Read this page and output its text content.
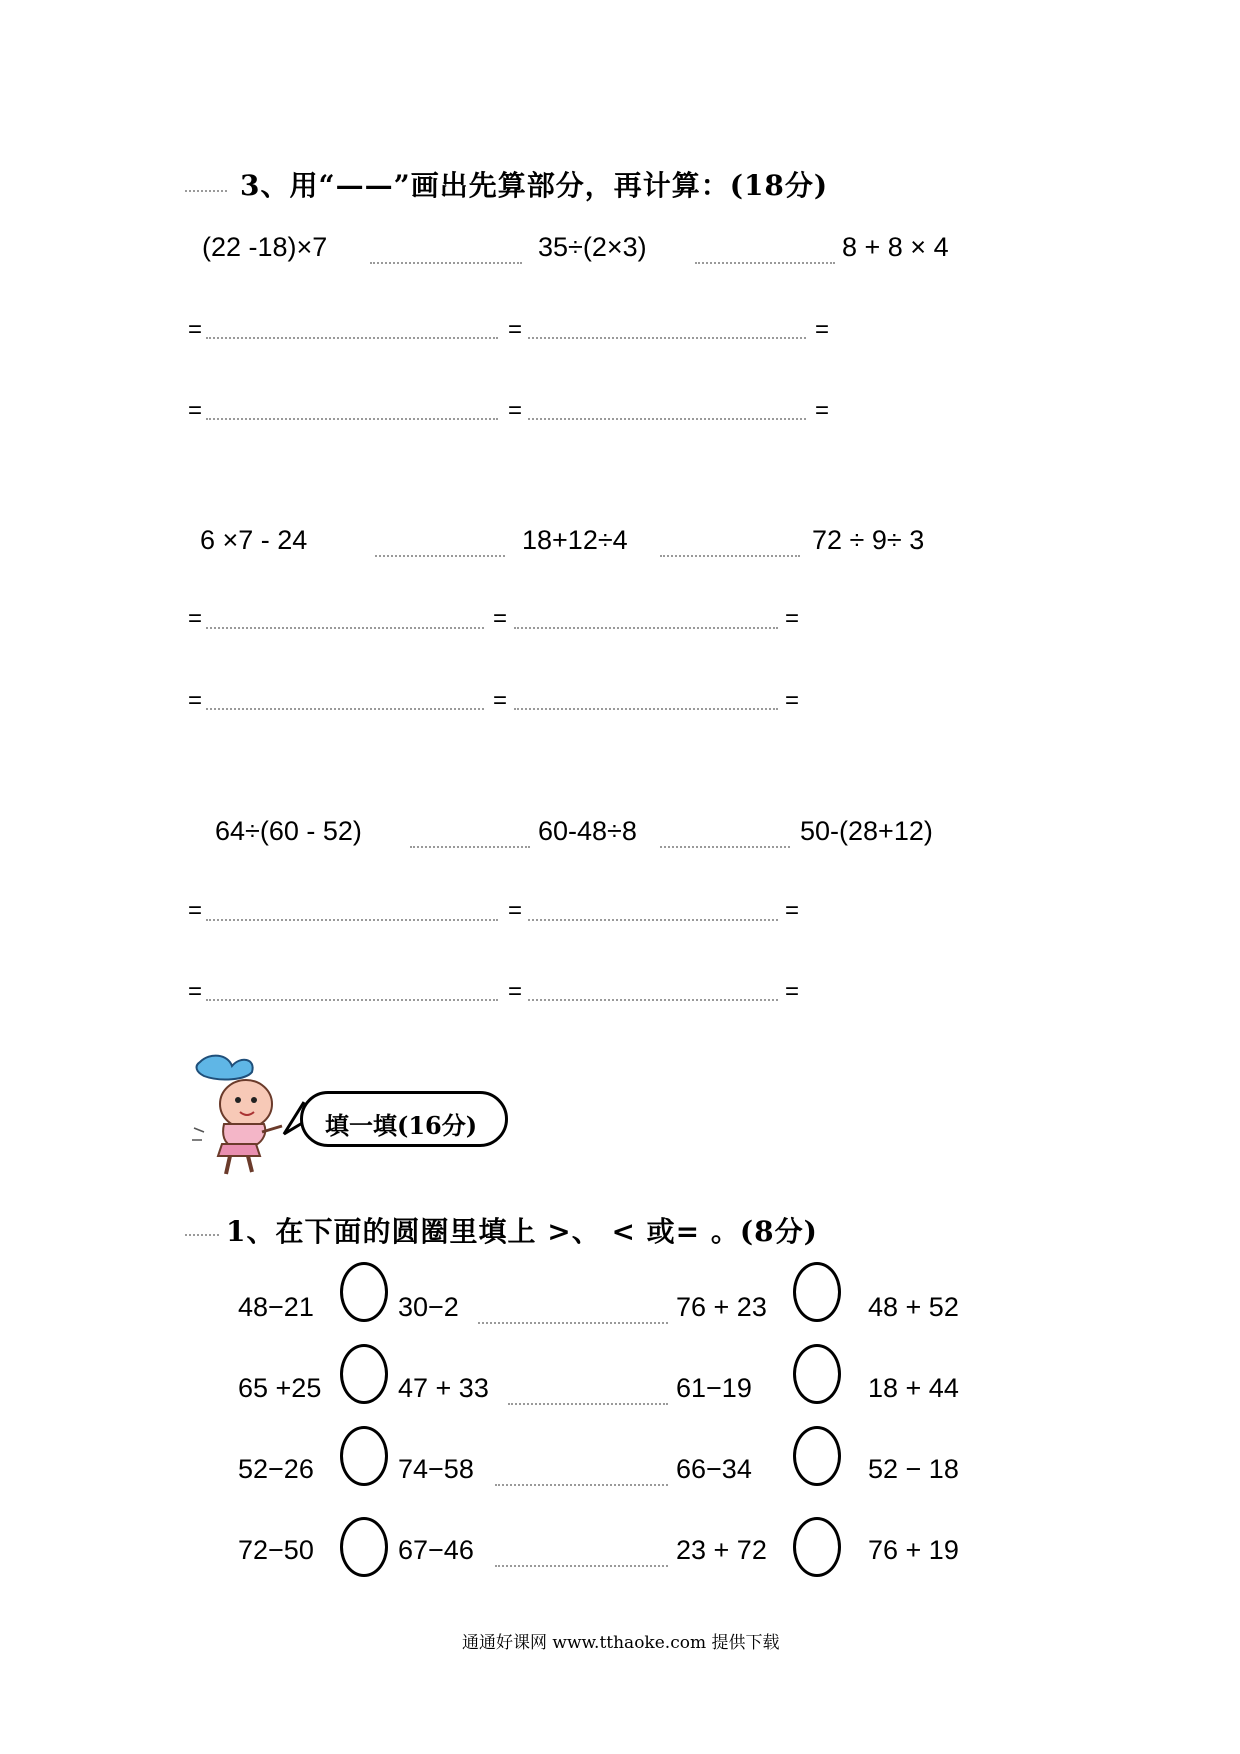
3、用“——”画出先算部分，再计算：(18分)
(22 -18)×7	35÷(2×3)	8 + 8 × 4
=	=	=
=	=	=
6 ×7 - 24	18+12÷4	72 ÷ 9÷ 3
=	=	=
=	=	=
64÷(60 - 52)	60-48÷8	50-(28+12)
=	=	=
=	=	=
填一填(16分)
1、在下面的圆圈里填上 >、 < 或= 。(8分)
48−21	30−2	76 + 23	48 + 52
65 +25	47 + 33	61−19	18 + 44
52−26	74−58	66−34	52 − 18
72−50	67−46	23 + 72	76 + 19
通通好课网 www.tthaoke.com 提供下载
